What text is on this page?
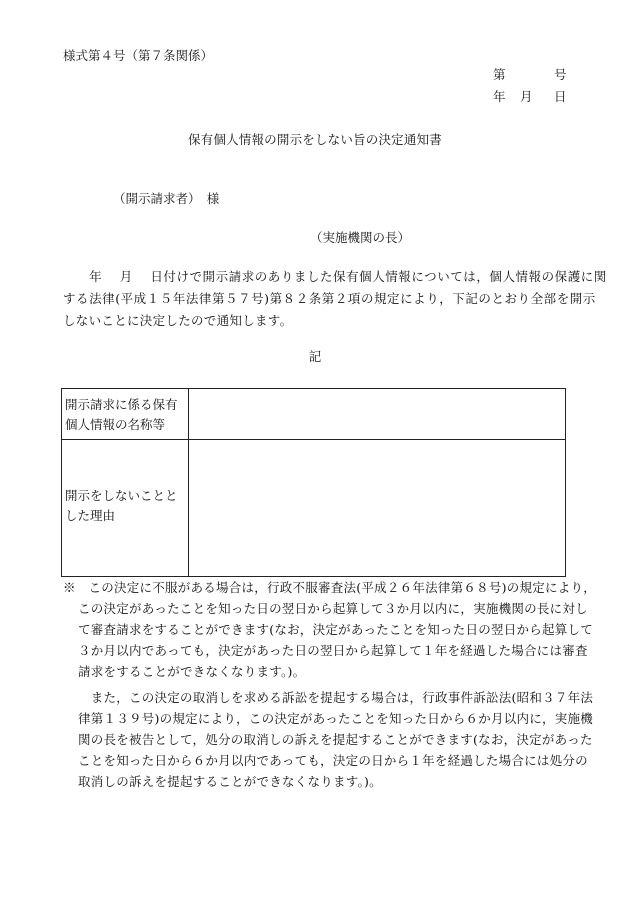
様式第４号（第７条関係）
第	号
年 月 日
保有個人情報の開示をしない旨の決定通知書
（開示請求者）　様
（実施機関の長）
　　年　 月　 日付けで開示請求のありました保有個人情報については，個人情報の保護に関
する法律(平成１５年法律第５７号)第８２条第２項の規定により，下記のとおり全部を開示
しないことに決定したので通知します。
記
開示請求に係る保有個人情報の名称等
開示をしないこととした理由
※　この決定に不服がある場合は，行政不服審査法(平成２６年法律第６８号)の規定により，
この決定があったことを知った日の翌日から起算して３か月以内に，実施機関の長に対し
て審査請求をすることができます(なお，決定があったことを知った日の翌日から起算して
３か月以内であっても，決定があった日の翌日から起算して１年を経過した場合には審査
請求をすることができなくなります。)。
　また，この決定の取消しを求める訴訟を提起する場合は，行政事件訴訟法(昭和３７年法
律第１３９号)の規定により，この決定があったことを知った日から６か月以内に，実施機
関の長を被告として，処分の取消しの訴えを提起することができます(なお，決定があった
ことを知った日から６か月以内であっても，決定の日から１年を経過した場合には処分の
取消しの訴えを提起することができなくなります。)。
